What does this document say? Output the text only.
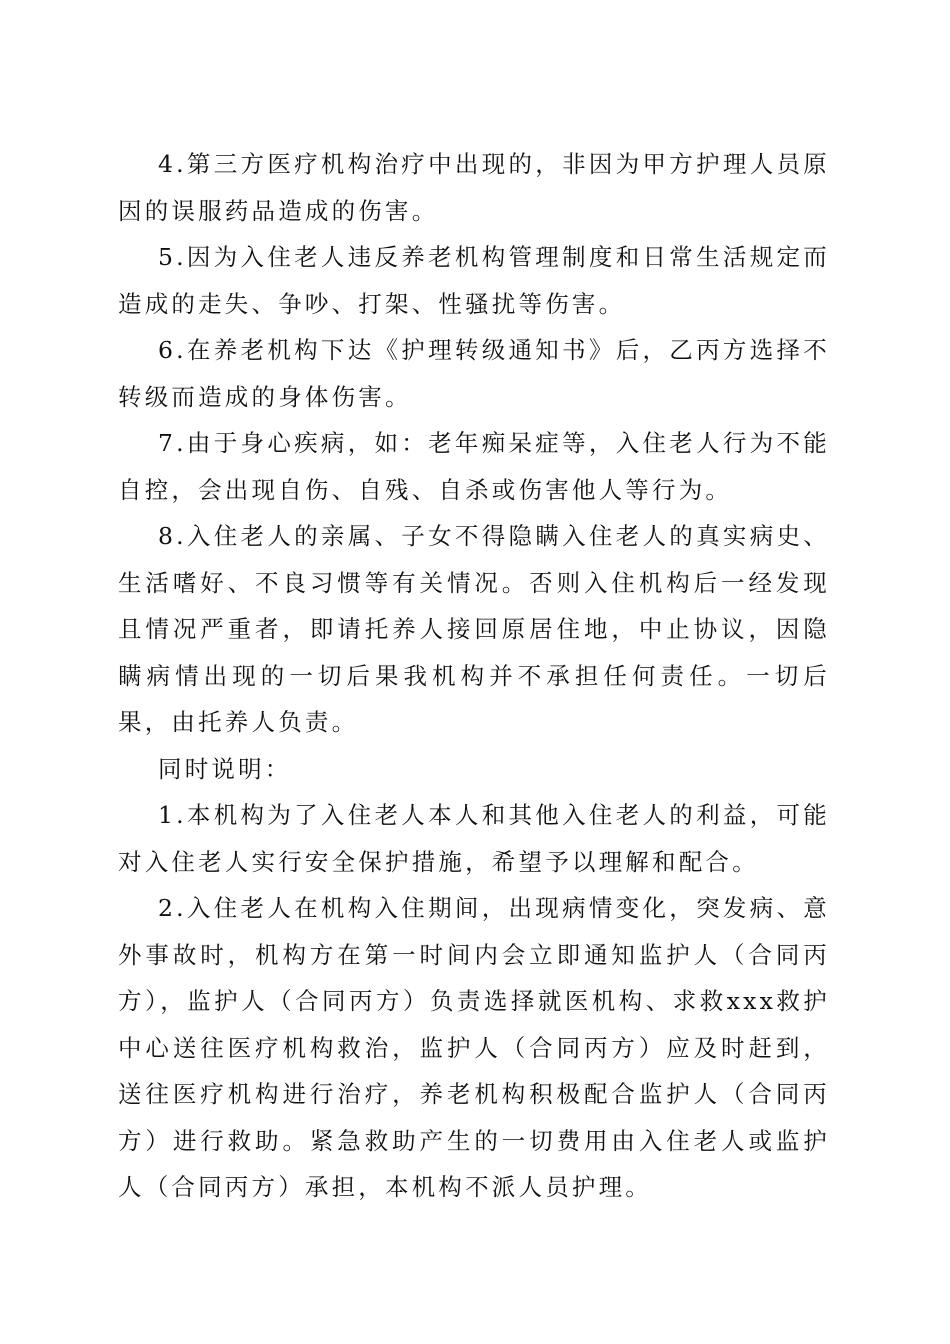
4.第三方医疗机构治疗中出现的，非因为甲方护理人员原因的误服药品造成的伤害。

5.因为入住老人违反养老机构管理制度和日常生活规定而造成的走失、争吵、打架、性骚扰等伤害。

6.在养老机构下达《护理转级通知书》后，乙丙方选择不转级而造成的身体伤害。

7.由于身心疾病，如：老年痴呆症等，入住老人行为不能自控，会出现自伤、自残、自杀或伤害他人等行为。

8.入住老人的亲属、子女不得隐瞒入住老人的真实病史、生活嗜好、不良习惯等有关情况。否则入住机构后一经发现且情况严重者，即请托养人接回原居住地，中止协议，因隐瞒病情出现的一切后果我机构并不承担任何责任。一切后果，由托养人负责。

同时说明：

1.本机构为了入住老人本人和其他入住老人的利益，可能对入住老人实行安全保护措施，希望予以理解和配合。

2.入住老人在机构入住期间，出现病情变化，突发病、意外事故时，机构方在第一时间内会立即通知监护人（合同丙方），监护人（合同丙方）负责选择就医机构、求救xxx救护中心送往医疗机构救治，监护人（合同丙方）应及时赶到，送往医疗机构进行治疗，养老机构积极配合监护人（合同丙方）进行救助。紧急救助产生的一切费用由入住老人或监护人（合同丙方）承担，本机构不派人员护理。
